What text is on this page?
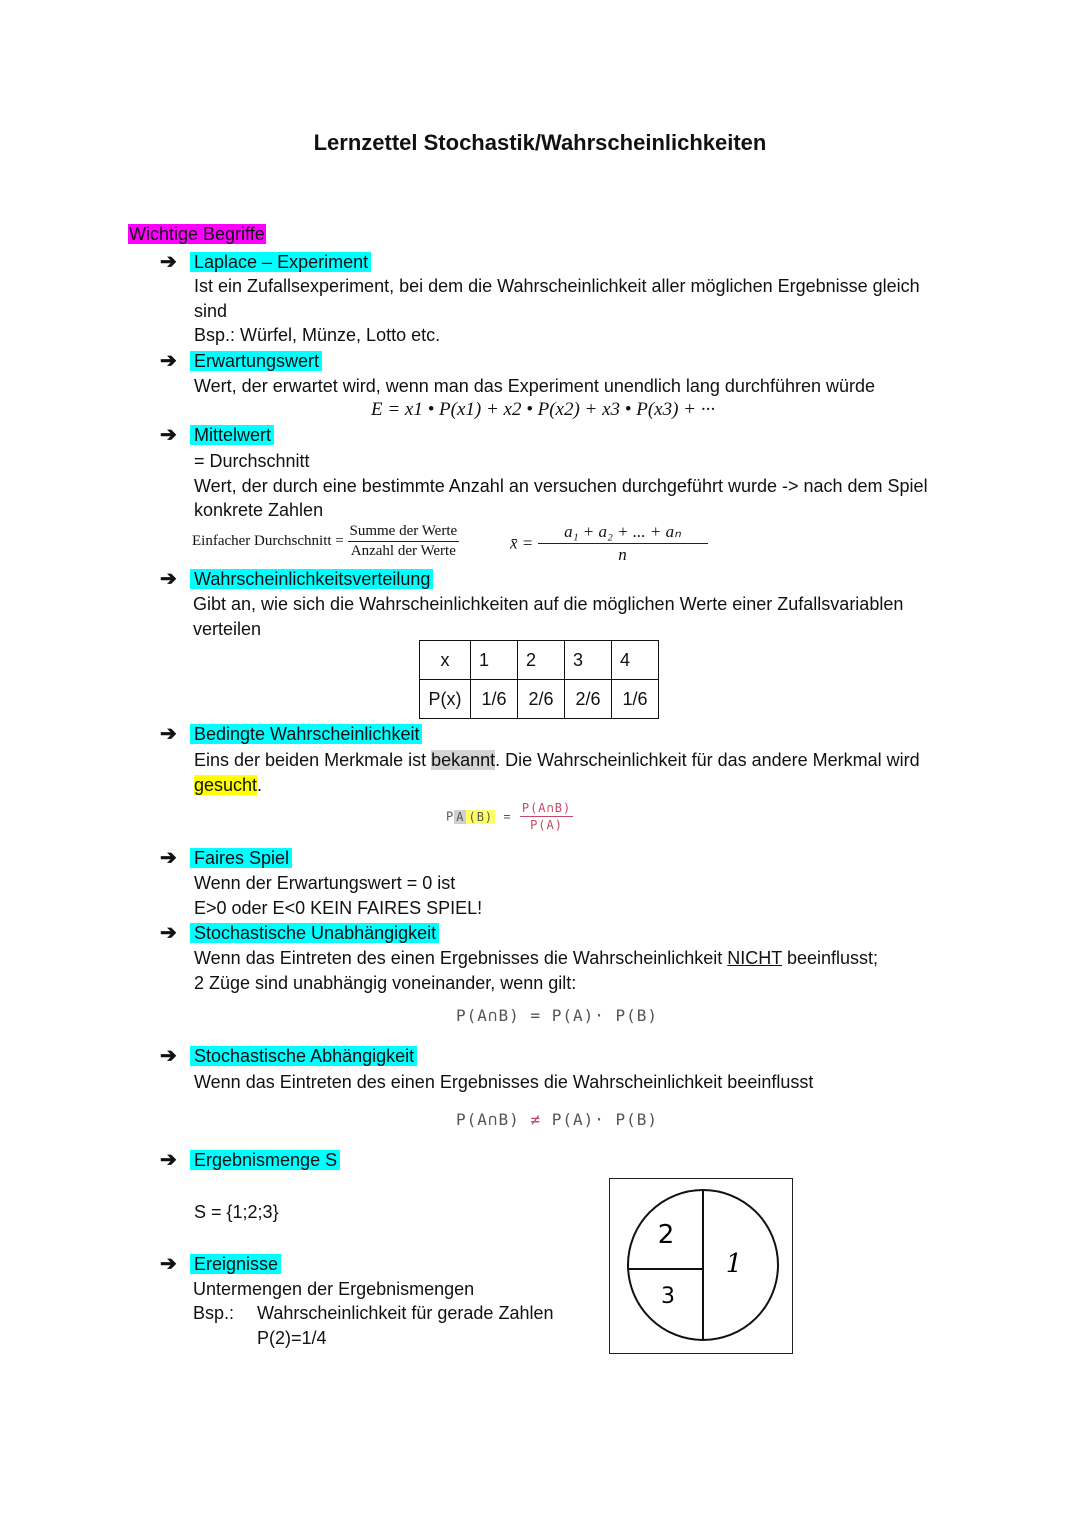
Lernzettel Stochastik/Wahrscheinlichkeiten
Wichtige Begriffe
➔ Laplace – Experiment
Ist ein Zufallsexperiment, bei dem die Wahrscheinlichkeit aller möglichen Ergebnisse gleich
sind
Bsp.: Würfel, Münze, Lotto etc.
➔ Erwartungswert
Wert, der erwartet wird, wenn man das Experiment unendlich lang durchführen würde
E = x1 • P(x1) + x2 • P(x2) + x3 • P(x3) + ···
➔ Mittelwert
= Durchschnitt
Wert, der durch eine bestimmte Anzahl an versuchen durchgeführt wurde -> nach dem Spiel
konkrete Zahlen
Einfacher Durchschnitt = $\frac{\text{Summe der Werte}}{\text{Anzahl der Werte}}$	x̄ = $\frac{\text{a₁ + a₂ + ... + aₙ}}{n}$
➔ Wahrscheinlichkeitsverteilung
Gibt an, wie sich die Wahrscheinlichkeiten auf die möglichen Werte einer Zufallsvariablen
verteilen
x	1	2	3	4
P(x)	1/6	2/6	2/6	1/6
➔ Bedingte Wahrscheinlichkeit
Eins der beiden Merkmale ist bekannt. Die Wahrscheinlichkeit für das andere Merkmal wird
gesucht.
P A $(B) = \frac{P(A\cap B)}{P(A)}$
➔ Faires Spiel
Wenn der Erwartungswert = 0 ist
E>0 oder E<0 KEIN FAIRES SPIEL!
➔ Stochastische Unabhängigkeit
Wenn das Eintreten des einen Ergebnisses die Wahrscheinlichkeit NICHT beeinflusst;
2 Züge sind unabhängig voneinander, wenn gilt:
P(A∩B) = P(A)· P(B)
➔ Stochastische Abhängigkeit
Wenn das Eintreten des einen Ergebnisses die Wahrscheinlichkeit beeinflusst
P(A∩B) ≠ P(A)· P(B)
➔ Ergebnismenge S
S = {1;2;3}
➔ Ereignisse
Untermengen der Ergebnismengen
Bsp.: Wahrscheinlichkeit für gerade Zahlen
P(2)=1/4
2
3
1
